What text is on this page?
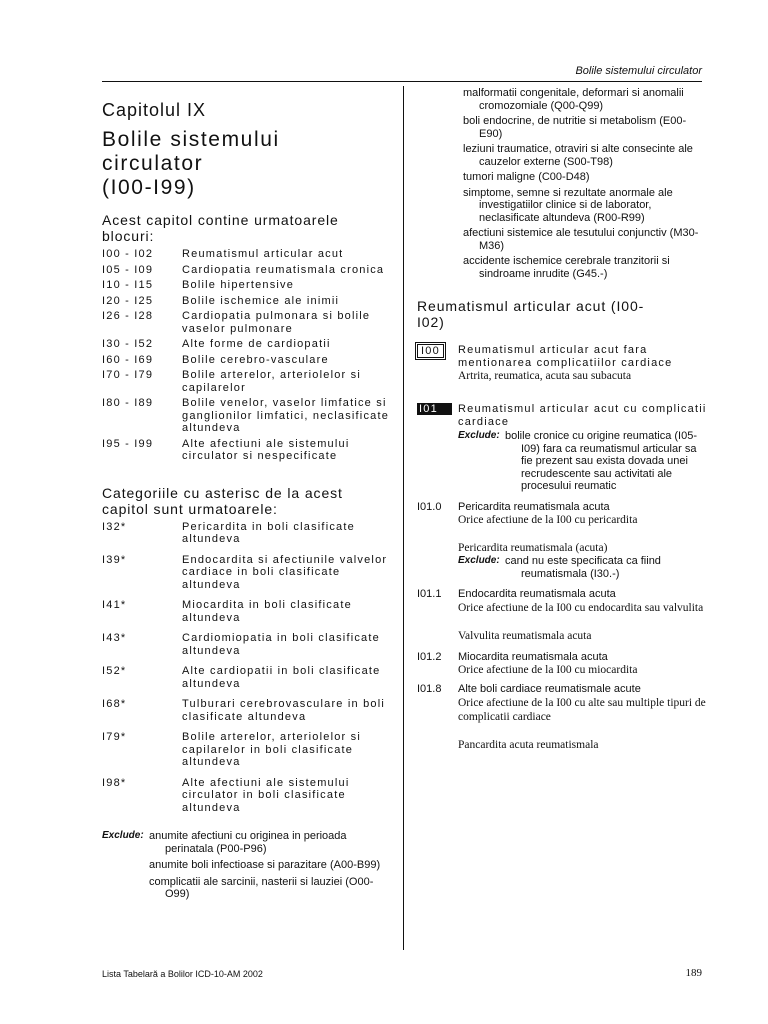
Bolile sistemului circulator
Capitolul IX
Bolile sistemului
circulator
(I00-I99)
Acest capitol contine urmatoarele blocuri:
I00 - I02	Reumatismul articular acut
I05 - I09	Cardiopatia reumatismala cronica
I10 - I15	Bolile hipertensive
I20 - I25	Bolile ischemice ale inimii
I26 - I28	Cardiopatia pulmonara si bolile vaselor pulmonare
I30 - I52	Alte forme de cardiopatii
I60 - I69	Bolile cerebro-vasculare
I70 - I79	Bolile arterelor, arteriolelor si capilarelor
I80 - I89	Bolile venelor, vaselor limfatice si ganglionilor limfatici, neclasificate altundeva
I95 - I99	Alte afectiuni ale sistemului circulator si nespecificate
Categoriile cu asterisc de la acest capitol sunt urmatoarele:
I32*	Pericardita in boli clasificate altundeva
I39*	Endocardita si afectiunile valvelor cardiace in boli clasificate altundeva
I41*	Miocardita in boli clasificate altundeva
I43*	Cardiomiopatia in boli clasificate altundeva
I52*	Alte cardiopatii in boli clasificate altundeva
I68*	Tulburari cerebrovasculare in boli clasificate altundeva
I79*	Bolile arterelor, arteriolelor si capilarelor in boli clasificate altundeva
I98*	Alte afectiuni ale sistemului circulator in boli clasificate altundeva
Exclude: anumite afectiuni cu originea in perioada perinatala (P00-P96)
anumite boli infectioase si parazitare (A00-B99)
complicatii ale sarcinii, nasterii si lauziei (O00-O99)
malformatii congenitale, deformari si anomalii cromozomiale (Q00-Q99)
boli endocrine, de nutritie si metabolism (E00-E90)
leziuni traumatice, otraviri si alte consecinte ale cauzelor externe (S00-T98)
tumori maligne (C00-D48)
simptome, semne si rezultate anormale ale investigatiilor clinice si de laborator, neclasificate altundeva (R00-R99)
afectiuni sistemice ale tesutului conjunctiv (M30-M36)
accidente ischemice cerebrale tranzitorii si sindroame inrudite (G45.-)
Reumatismul articular acut (I00-I02)
I00	Reumatismul articular acut fara mentionarea complicatiilor cardiace
Artrita, reumatica, acuta sau subacuta
I01	Reumatismul articular acut cu complicatii cardiace
Exclude: bolile cronice cu origine reumatica (I05-I09) fara ca reumatismul articular sa fie prezent sau exista dovada unei recrudescente sau activitati ale procesului reumatic
I01.0	Pericardita reumatismala acuta
Orice afectiune de la I00 cu pericardita
Pericardita reumatismala (acuta)
Exclude: cand nu este specificata ca fiind reumatismala (I30.-)
I01.1	Endocardita reumatismala acuta
Orice afectiune de la I00 cu endocardita sau valvulita
Valvulita reumatismala acuta
I01.2	Miocardita reumatismala acuta
Orice afectiune de la I00 cu miocardita
I01.8	Alte boli cardiace reumatismale acute
Orice afectiune de la I00 cu alte sau multiple tipuri de complicatii cardiace
Pancardita acuta reumatismala
Lista Tabelară a Bolilor ICD-10-AM 2002	189
